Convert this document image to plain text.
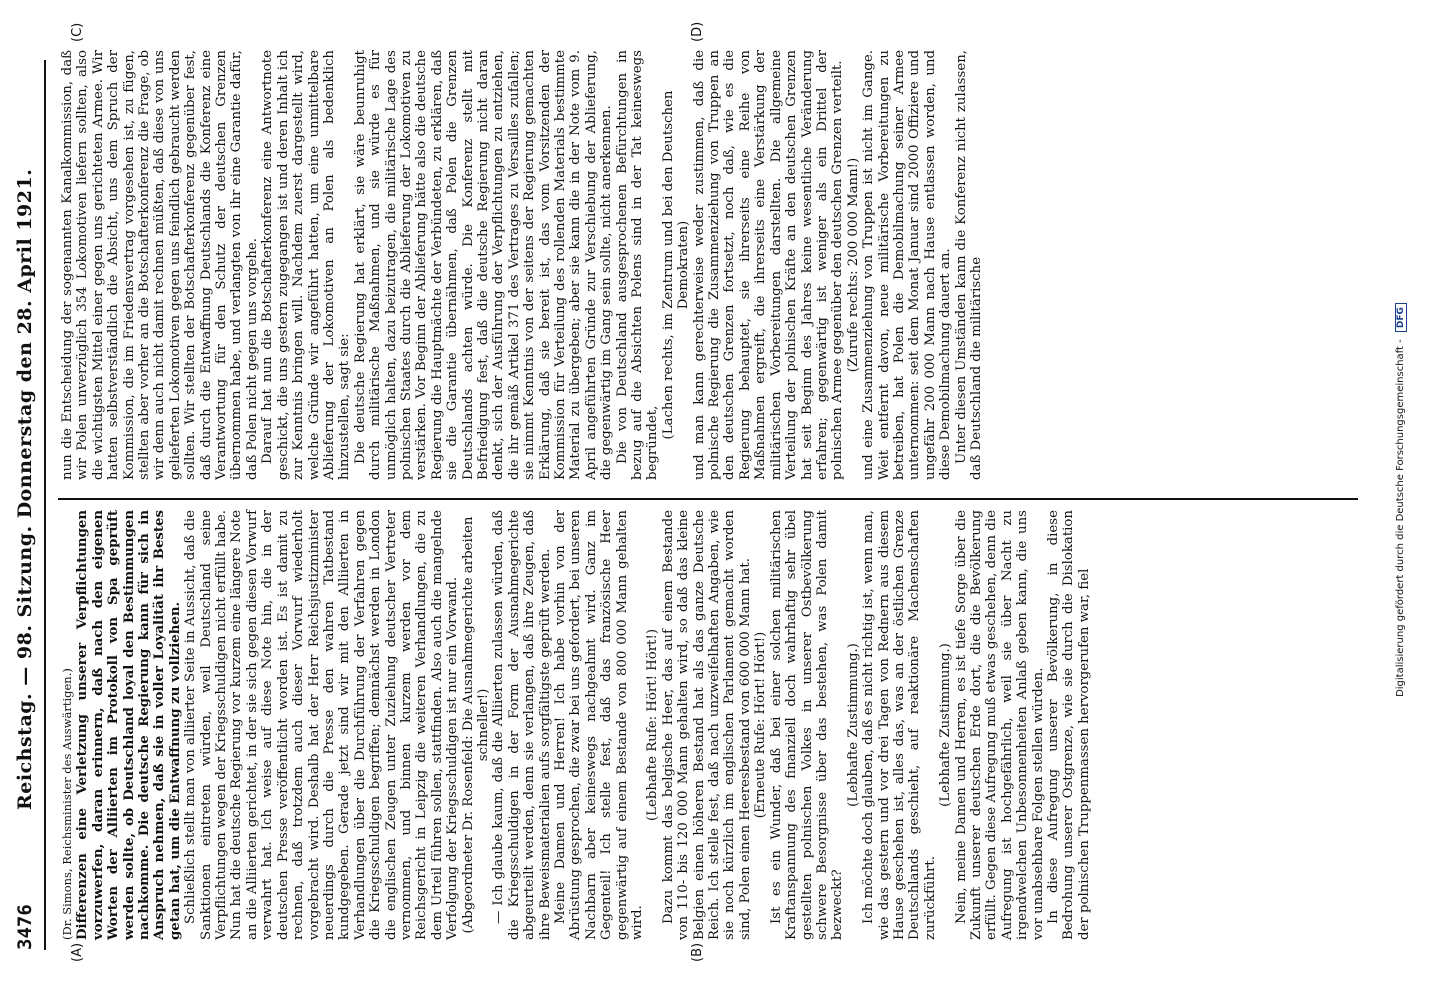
3476
Reichstag. — 98. Sitzung. Donnerstag den 28. April 1921.
(A)	(B)
(C)	(D)

(Dr. Simons, Reichsminister des Auswärtigen.) Differenzen eine Verletzung unserer Verpflichtungen vorzuwerfen, daran erinnern, daß nach den eigenen Worten der Alliierten im Protokoll von Spa geprüft werden sollte, ob Deutschland loyal den Bestimmungen nachkomme. Die deutsche Regierung kann für sich in Anspruch nehmen, daß sie in voller Loyalität ihr Bestes getan hat, um die Entwaffnung zu vollziehen. Schließlich stellt man von alliierter Seite in Aussicht, daß die Sanktionen eintreten würden, weil Deutschland seine Verpflichtungen wegen der Kriegsschuldigen nicht erfüllt habe. Nun hat die deutsche Regierung vor kurzem eine längere Note an die Alliierten gerichtet, in der sie sich gegen diesen Vorwurf verwahrt hat. Ich weise auf diese Note hin, die in der deutschen Presse veröffentlicht worden ist. Es ist damit zu rechnen, daß trotzdem auch dieser Vorwurf wiederholt vorgebracht wird. Deshalb hat der Herr Reichsjustizminister neuerdings durch die Presse den wahren Tatbestand kundgegeben. Gerade jetzt sind wir mit den Alliierten in Verhandlungen über die Durchführung der Verfahren gegen die Kriegsschuldigen begriffen; demnächst werden in London die englischen Zeugen unter Zuziehung deutscher Vertreter vernommen, und binnen kurzem werden vor dem Reichsgericht in Leipzig die weiteren Verhandlungen, die zu dem Urteil führen sollen, stattfinden. Also auch die mangelnde Verfolgung der Kriegsschuldigen ist nur ein Vorwand. (Abgeordneter Dr. Rosenfeld: Die Ausnahmegerichte arbeiten schneller!) — Ich glaube kaum, daß die Alliierten zulassen würden, daß die Kriegsschuldigen in der Form der Ausnahmegerichte abgeurteilt werden, denn sie verlangen, daß ihre Zeugen, daß ihre Beweismaterialien aufs sorgfältigste geprüft werden. Meine Damen und Herren! Ich habe vorhin von der Abrüstung gesprochen, die zwar bei uns gefordert, bei unseren Nachbarn aber keineswegs nachgeahmt wird. Ganz im Gegenteil! Ich stelle fest, daß das französische Heer gegenwärtig auf einem Bestande von 800 000 Mann gehalten wird.

(Lebhafte Rufe: Hört! Hört!) Dazu kommt das belgische Heer, das auf einem Bestande von 110- bis 120 000 Mann gehalten wird, so daß das kleine Belgien einen höheren Bestand hat als das ganze Deutsche Reich. Ich stelle fest, daß nach unzweifelhaften Angaben, wie sie noch kürzlich im englischen Parlament gemacht worden sind, Polen einen Heeresbestand von 600 000 Mann hat. (Erneute Rufe: Hört! Hört!) Ist es ein Wunder, daß bei einer solchen militärischen Kraftanspannung des finanziell doch wahrhaftig sehr übel gestellten polnischen Volkes in unserer Ostbevölkerung schwere Besorgnisse über das bestehen, was Polen damit bezweckt?

(Lebhafte Zustimmung.) Ich möchte doch glauben, daß es nicht richtig ist, wenn man, wie das gestern und vor drei Tagen von Rednern aus diesem Hause geschehen ist, alles das, was an der östlichen Grenze Deutschlands geschieht, auf reaktionäre Machenschaften zurückführt.

(Lebhafte Zustimmung.) Nein, meine Damen und Herren, es ist tiefe Sorge über die Zukunft unserer deutschen Erde dort, die die Bevölkerung erfüllt. Gegen diese Aufregung muß etwas geschehen, denn die Aufregung ist hochgefährlich, weil sie über Nacht zu irgendwelchen Unbesonnenheiten Anlaß geben kann, die uns vor unabsehbare Folgen stellen würden. In diese Aufregung unserer Bevölkerung, in diese Bedrohung unserer Ostgrenze, wie sie durch die Dislokation der polnischen Truppenmassen hervorgerufen war, fiel

nun die Entscheidung der sogenannten Kanalkommission, daß wir Polen unverzüglich 354 Lokomotiven liefern sollten, also die wichtigsten Mittel einer gegen uns gerichteten Armee. Wir hatten selbstverständlich die Absicht, uns dem Spruch der Kommission, die im Friedensvertrag vorgesehen ist, zu fügen, stellten aber vorher an die Botschafterkonferenz die Frage, ob wir denn auch nicht damit rechnen müßten, daß diese von uns gelieferten Lokomotiven gegen uns feindlich gebraucht werden sollten. Wir stellten der Botschafterkonferenz gegenüber fest, daß durch die Entwaffnung Deutschlands die Konferenz eine Verantwortung für den Schutz der deutschen Grenzen übernommen habe, und verlangten von ihr eine Garantie dafür, daß Polen nicht gegen uns vorgehe. Darauf hat nun die Botschafterkonferenz eine Antwortnote geschickt, die uns gestern zugegangen ist und deren Inhalt ich zur Kenntnis bringen will. Nachdem zuerst dargestellt wird, welche Gründe wir angeführt hatten, um eine unmittelbare Ablieferung der Lokomotiven an Polen als bedenklich hinzustellen, sagt sie: Die deutsche Regierung hat erklärt, sie wäre beunruhigt durch militärische Maßnahmen, und sie würde es für unmöglich halten, dazu beizutragen, die militärische Lage des polnischen Staates durch die Ablieferung der Lokomotiven zu verstärken. Vor Beginn der Ablieferung hätte also die deutsche Regierung die Hauptmächte der Verbündeten, zu erklären, daß sie die Garantie übernähmen, daß Polen die Grenzen Deutschlands achten würde. Die Konferenz stellt mit Befriedigung fest, daß die deutsche Regierung nicht daran denkt, sich der Ausführung der Verpflichtungen zu entziehen, die ihr gemäß Artikel 371 des Vertrages zu Versailles zufallen; sie nimmt Kenntnis von der seitens der Regierung gemachten Erklärung, daß sie bereit ist, das vom Vorsitzenden der Kommission für Verteilung des rollenden Materials bestimmte Material zu übergeben; aber sie kann die in der Note vom 9. April angeführten Gründe zur Verschiebung der Ablieferung, die gegenwärtig im Gang sein sollte, nicht anerkennen. Die von Deutschland ausgesprochenen Befürchtungen in bezug auf die Absichten Polens sind in der Tat keineswegs begründet,

(Lachen rechts, im Zentrum und bei den Deutschen Demokraten) und man kann gerechterweise weder zustimmen, daß die polnische Regierung die Zusammenziehung von Truppen an den deutschen Grenzen fortsetzt, noch daß, wie es die Regierung behauptet, sie ihrerseits eine Reihe von Maßnahmen ergreift, die ihrerseits eine Verstärkung der militärischen Vorbereitungen darstellten. Die allgemeine Verteilung der polnischen Kräfte an den deutschen Grenzen hat seit Beginn des Jahres keine wesentliche Veränderung erfahren; gegenwärtig ist weniger als ein Drittel der polnischen Armee gegenüber den deutschen Grenzen verteilt. (Zurufe rechts: 200 000 Mann!) und eine Zusammenziehung von Truppen ist nicht im Gange. Weit entfernt davon, neue militärische Vorbereitungen zu betreiben, hat Polen die Demobilmachung seiner Armee unternommen: seit dem Monat Januar sind 2000 Offiziere und ungefähr 200 000 Mann nach Hause entlassen worden, und diese Demobilmachung dauert an. Unter diesen Umständen kann die Konferenz nicht zulassen, daß Deutschland die militärische	Digitalisierung gefördert durch die Deutsche Forschungsgemeinschaft - DFG
